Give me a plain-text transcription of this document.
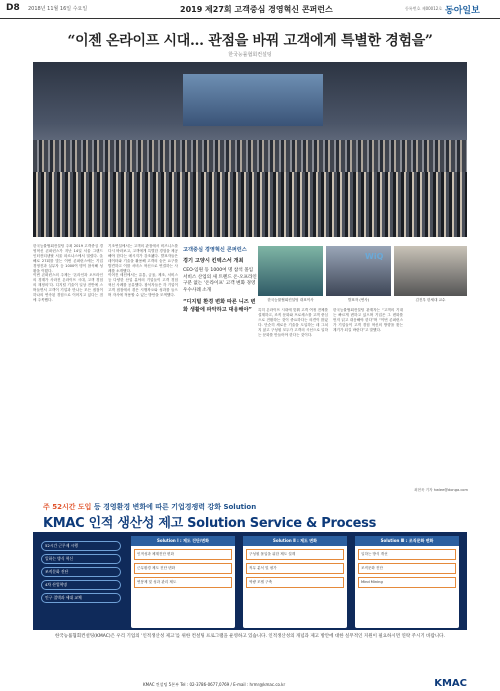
D8 2018년 11월 16일 수요일	2019 제27회 고객중심 경영혁신 콘퍼런스	등록번호 제00012호 동아일보
“이젠 온라이프 시대… 관점을 바꿔 고객에게 특별한 경험을”
한국능률협회컨설팅

한국능률협회컨설팅 주최 2019 고객중심 경영혁신 콘퍼런스가 지난 14일 서울 그랜드 인터컨티넨탈 서울 파르나스에서 열렸다. 올해로 27회를 맞는 이번 콘퍼런스에는 기업 경영진과 실무자 등 1000여 명이 참석해 성황을 이뤘다.

이번 콘퍼런스의 주제는 ‘온라인과 오프라인의 경계가 사라진 온라이프 시대, 고객 경험의 재정의’다. 디지털 기술이 일상 전반에 스며들면서 고객이 기업과 만나는 모든 접점이 하나의 연속된 경험으로 이어지고 있다는 점에 주목했다.

기조연설에서는 고객의 관점에서 비즈니스를 다시 바라보고, 고객에게 특별한 경험을 제공해야 한다는 메시지가 강조됐다. 발표자들은 데이터와 기술을 활용해 고객의 숨은 요구를 발견하고 이를 서비스 혁신으로 연결하는 사례를 소개했다.

이어진 세션에서는 유통, 금융, 제조, 서비스 등 다양한 산업 분야의 기업들이 고객 경험 혁신 사례를 공유했다. 참석자들은 각 기업이 고객 접점에서 겪은 시행착오와 성과를 들으며 자사에 적용할 수 있는 방안을 모색했다.

고객중심 경영혁신 콘퍼런스
경기 고양시 킨텍스서 개최
CEO·임원 등 1000여 명 참석 몰입 서비스 산업의 새 트렌드 온·오프라인 구분 없는 ‘온라이프’ 고객 변화 경영 우수사례 소개
“디지털 환경 변화 따른 니즈 변화 생활에 파악하고 대응해야”
WiQ
한국능률협회컨설팅 대표이사	발표자 (연사)	김진우 한세대 교수

특히 온라이프 시대에 맞춰 고객 여정 전체를 설계하고, 조직 문화와 프로세스를 고객 중심으로 전환하는 것이 중요하다는 의견이 많았다. 단순히 새로운 기술을 도입하는 데 그치지 않고 구성원 모두가 고객의 시선으로 일하는 문화를 만들어야 한다는 것이다.

한국능률협회컨설팅 관계자는 “고객의 기대는 빠르게 변하고 있으며 기업은 그 변화를 먼저 읽고 대응해야 한다”며 “이번 콘퍼런스가 기업들이 고객 경험 혁신의 방향을 찾는 계기가 되길 바란다”고 말했다.

최현욱 기자 hwlee@donga.com
주 52시간 도입 등 경영환경 변화에 따른 기업경쟁력 강화 Solution
KMAC 인적 생산성 제고 Solution Service & Process
52시간 근무제 시행
일하는 방식 혁신
조직문화 진단
4차 산업혁명
인구 절벽과 세대 교체
Solution Ⅰ : 제도 진단/변화
인적성과 체계진단 변화
근무환경 제도 진단 변화
연봉제 및 성과 관리 제도
Solution Ⅱ : 제도 변화
구성원 몰입을 위한 제도 설계
직무 분석 및 평가
역량 모델 구축
Solution Ⅲ : 조직문화 변화
일하는 방식 개선
조직문화 진단
Mind Mining
한국능률협회컨설팅(KMAC)은 우리 기업의 ‘인적생산성 제고’를 위한 컨설팅 프로그램을 운영하고 있습니다. 인적생산성의 개념과 제고 방안에 대한 실무적인 지원이 필요하시면 연락 주시기 바랍니다.
KMAC 컨설팅 5본부 Tel : 02-3786-0677,0769 / E-mail : hrmr@kmac.co.kr	KMAC
